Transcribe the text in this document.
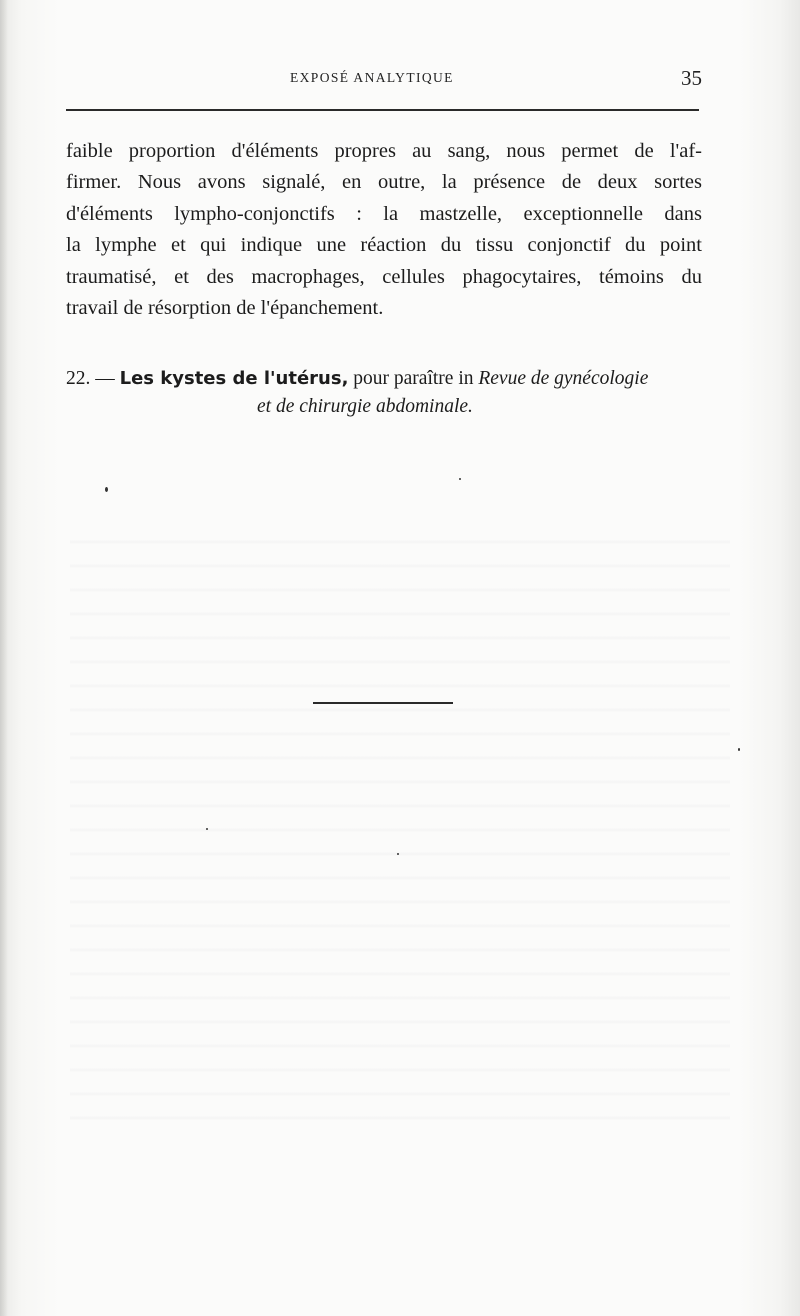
EXPOSÉ ANALYTIQUE	35
faible proportion d'éléments propres au sang, nous permet de l'af-
firmer. Nous avons signalé, en outre, la présence de deux sortes
d'éléments lympho-conjonctifs : la mastzelle, exceptionnelle dans
la lymphe et qui indique une réaction du tissu conjonctif du point
traumatisé, et des macrophages, cellules phagocytaires, témoins du
travail de résorption de l'épanchement.
22. — Les kystes de l'utérus, pour paraître in Revue de gynécologie
et de chirurgie abdominale.
